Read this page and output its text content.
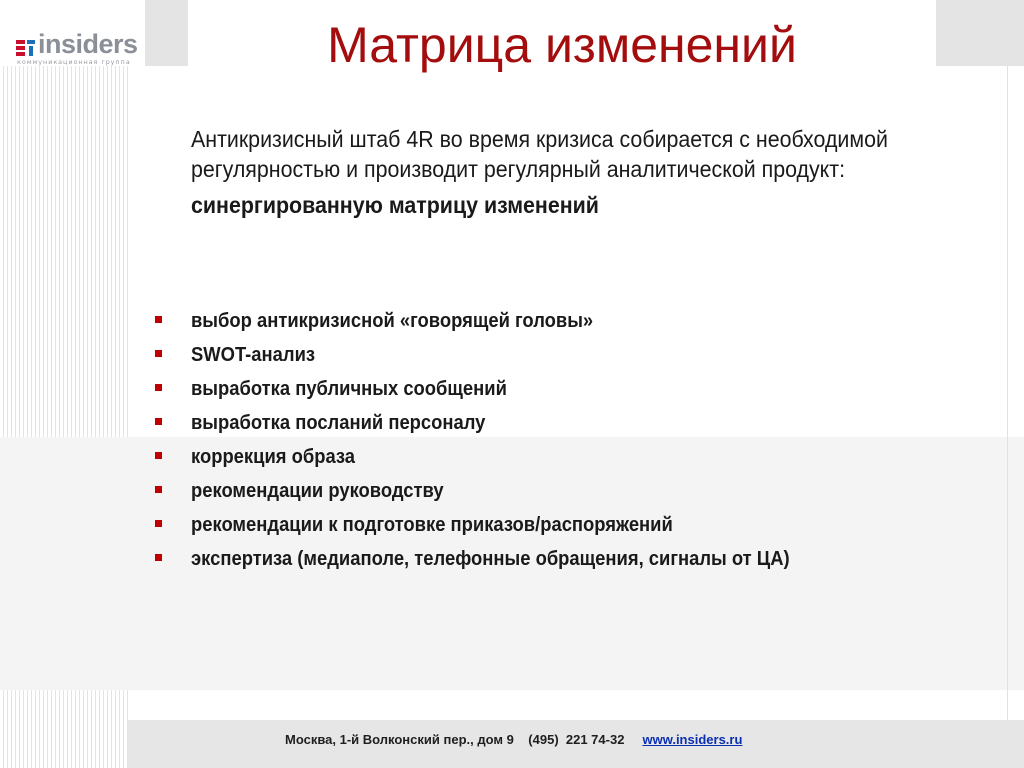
insiders
коммуникационная группа	Матрица изменений
Антикризисный штаб 4R во время кризиса собирается с необходимой регулярностью и производит регулярный аналитической продукт:
синергированную матрицу изменений
выбор антикризисной «говорящей головы»
SWOT-анализ
выработка публичных сообщений
выработка посланий персоналу
коррекция образа
рекомендации руководству
рекомендации к подготовке приказов/распоряжений
экспертиза (медиаполе, телефонные обращения, сигналы от ЦА)
Москва, 1-й Волконский пер., дом 9 (495)  221 74-32 www.insiders.ru
